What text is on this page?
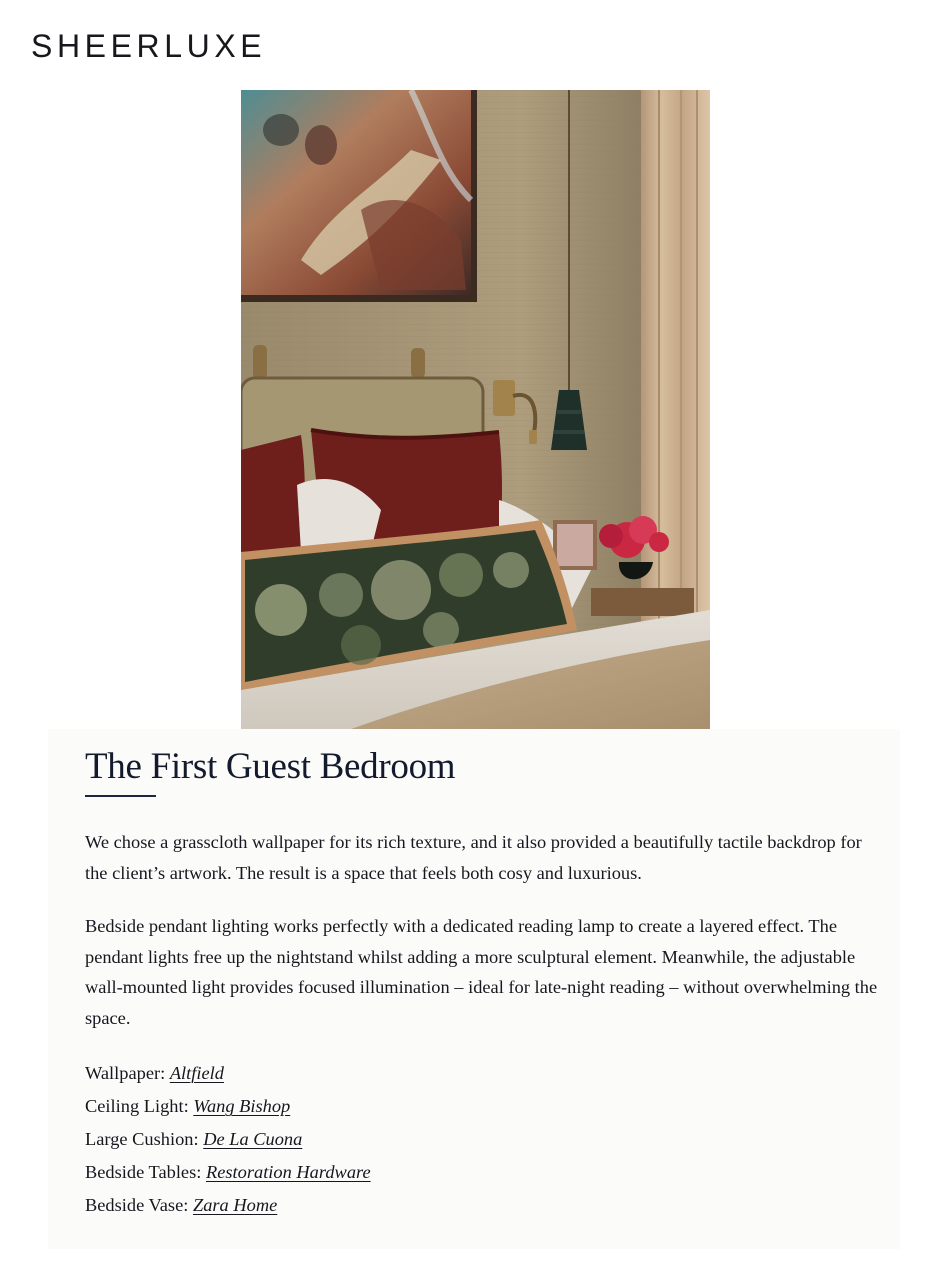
SHEERLUXE
The First Guest Bedroom

We chose a grasscloth wallpaper for its rich texture, and it also provided a beautifully tactile backdrop for the client’s artwork. The result is a space that feels both cosy and luxurious.

Bedside pendant lighting works perfectly with a dedicated reading lamp to create a layered effect. The pendant lights free up the nightstand whilst adding a more sculptural element. Meanwhile, the adjustable wall-mounted light provides focused illumination – ideal for late-night reading – without overwhelming the space.

Wallpaper: Altfield
Ceiling Light: Wang Bishop
Large Cushion: De La Cuona
Bedside Tables: Restoration Hardware
Bedside Vase: Zara Home
